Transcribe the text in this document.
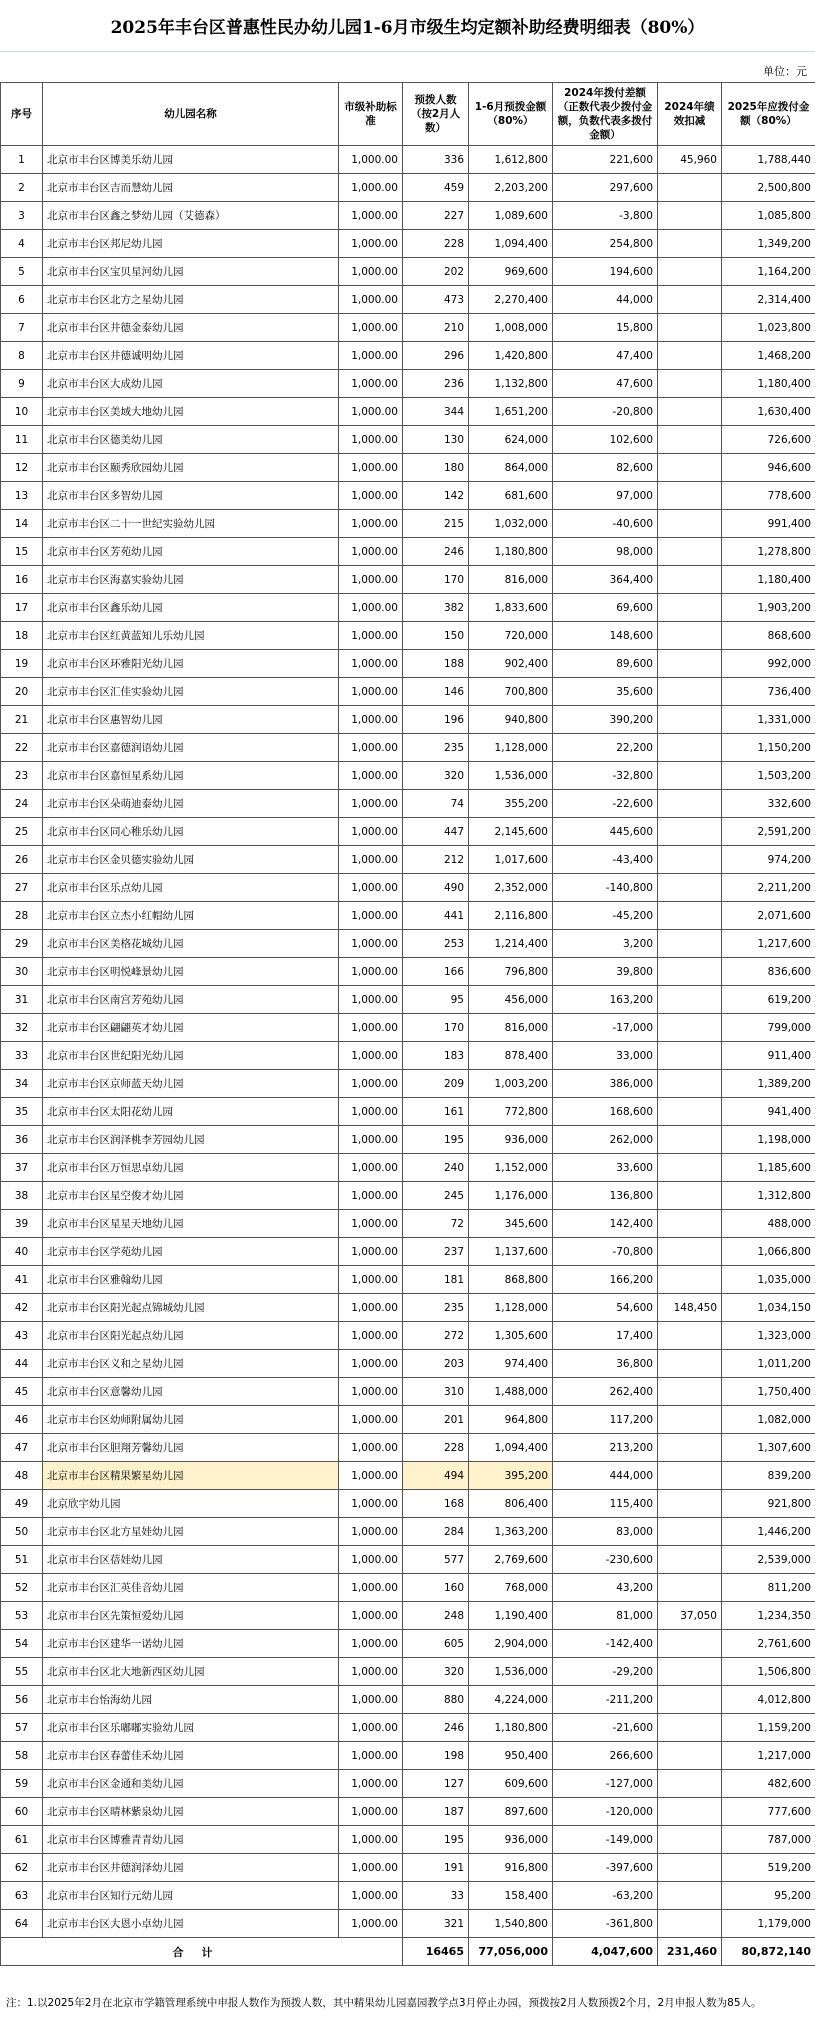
2025年丰台区普惠性民办幼儿园1-6月市级生均定额补助经费明细表（80%）
单位：元
序号	幼儿园名称	市级补助标准	预拨人数（按2月人数）	1-6月预拨金额（80%）	2024年拨付差额（正数代表少拨付金额，负数代表多拨付金额）	2024年绩效扣减	2025年应拨付金额（80%）
1	北京市丰台区博美乐幼儿园	1,000.00	336	1,612,800	221,600	45,960	1,788,440
2	北京市丰台区吉而慧幼儿园	1,000.00	459	2,203,200	297,600		2,500,800
3	北京市丰台区鑫之梦幼儿园（艾德森）	1,000.00	227	1,089,600	-3,800		1,085,800
4	北京市丰台区邦尼幼儿园	1,000.00	228	1,094,400	254,800		1,349,200
5	北京市丰台区宝贝星河幼儿园	1,000.00	202	969,600	194,600		1,164,200
6	北京市丰台区北方之星幼儿园	1,000.00	473	2,270,400	44,000		2,314,400
7	北京市丰台区井德金泰幼儿园	1,000.00	210	1,008,000	15,800		1,023,800
8	北京市丰台区井德诚明幼儿园	1,000.00	296	1,420,800	47,400		1,468,200
9	北京市丰台区大成幼儿园	1,000.00	236	1,132,800	47,600		1,180,400
10	北京市丰台区美域大地幼儿园	1,000.00	344	1,651,200	-20,800		1,630,400
11	北京市丰台区德美幼儿园	1,000.00	130	624,000	102,600		726,600
12	北京市丰台区颐秀欣园幼儿园	1,000.00	180	864,000	82,600		946,600
13	北京市丰台区多智幼儿园	1,000.00	142	681,600	97,000		778,600
14	北京市丰台区二十一世纪实验幼儿园	1,000.00	215	1,032,000	-40,600		991,400
15	北京市丰台区芳苑幼儿园	1,000.00	246	1,180,800	98,000		1,278,800
16	北京市丰台区海嘉实验幼儿园	1,000.00	170	816,000	364,400		1,180,400
17	北京市丰台区鑫乐幼儿园	1,000.00	382	1,833,600	69,600		1,903,200
18	北京市丰台区红黄蓝知儿乐幼儿园	1,000.00	150	720,000	148,600		868,600
19	北京市丰台区环雅阳光幼儿园	1,000.00	188	902,400	89,600		992,000
20	北京市丰台区汇佳实验幼儿园	1,000.00	146	700,800	35,600		736,400
21	北京市丰台区惠智幼儿园	1,000.00	196	940,800	390,200		1,331,000
22	北京市丰台区嘉德润语幼儿园	1,000.00	235	1,128,000	22,200		1,150,200
23	北京市丰台区嘉恒星系幼儿园	1,000.00	320	1,536,000	-32,800		1,503,200
24	北京市丰台区朵萌迪泰幼儿园	1,000.00	74	355,200	-22,600		332,600
25	北京市丰台区同心稚乐幼儿园	1,000.00	447	2,145,600	445,600		2,591,200
26	北京市丰台区金贝德实验幼儿园	1,000.00	212	1,017,600	-43,400		974,200
27	北京市丰台区乐点幼儿园	1,000.00	490	2,352,000	-140,800		2,211,200
28	北京市丰台区立杰小红帽幼儿园	1,000.00	441	2,116,800	-45,200		2,071,600
29	北京市丰台区美格花城幼儿园	1,000.00	253	1,214,400	3,200		1,217,600
30	北京市丰台区明悦峰景幼儿园	1,000.00	166	796,800	39,800		836,600
31	北京市丰台区南宫芳苑幼儿园	1,000.00	95	456,000	163,200		619,200
32	北京市丰台区翩翩英才幼儿园	1,000.00	170	816,000	-17,000		799,000
33	北京市丰台区世纪阳光幼儿园	1,000.00	183	878,400	33,000		911,400
34	北京市丰台区京师蓝天幼儿园	1,000.00	209	1,003,200	386,000		1,389,200
35	北京市丰台区太阳花幼儿园	1,000.00	161	772,800	168,600		941,400
36	北京市丰台区润泽桃李芳园幼儿园	1,000.00	195	936,000	262,000		1,198,000
37	北京市丰台区万恒思卓幼儿园	1,000.00	240	1,152,000	33,600		1,185,600
38	北京市丰台区星空俊才幼儿园	1,000.00	245	1,176,000	136,800		1,312,800
39	北京市丰台区星星天地幼儿园	1,000.00	72	345,600	142,400		488,000
40	北京市丰台区学苑幼儿园	1,000.00	237	1,137,600	-70,800		1,066,800
41	北京市丰台区雅翰幼儿园	1,000.00	181	868,800	166,200		1,035,000
42	北京市丰台区阳光起点锦城幼儿园	1,000.00	235	1,128,000	54,600	148,450	1,034,150
43	北京市丰台区阳光起点幼儿园	1,000.00	272	1,305,600	17,400		1,323,000
44	北京市丰台区义和之星幼儿园	1,000.00	203	974,400	36,800		1,011,200
45	北京市丰台区意馨幼儿园	1,000.00	310	1,488,000	262,400		1,750,400
46	北京市丰台区幼师附属幼儿园	1,000.00	201	964,800	117,200		1,082,000
47	北京市丰台区胆翔芳馨幼儿园	1,000.00	228	1,094,400	213,200		1,307,600
48	北京市丰台区精果繁星幼儿园	1,000.00	494	395,200	444,000		839,200
49	北京欣宇幼儿园	1,000.00	168	806,400	115,400		921,800
50	北京市丰台区北方星娃幼儿园	1,000.00	284	1,363,200	83,000		1,446,200
51	北京市丰台区蓓娃幼儿园	1,000.00	577	2,769,600	-230,600		2,539,000
52	北京市丰台区汇英佳音幼儿园	1,000.00	160	768,000	43,200		811,200
53	北京市丰台区先策恒爱幼儿园	1,000.00	248	1,190,400	81,000	37,050	1,234,350
54	北京市丰台区建华一诺幼儿园	1,000.00	605	2,904,000	-142,400		2,761,600
55	北京市丰台区北大地新西区幼儿园	1,000.00	320	1,536,000	-29,200		1,506,800
56	北京市丰台怡海幼儿园	1,000.00	880	4,224,000	-211,200		4,012,800
57	北京市丰台区乐嘟嘟实验幼儿园	1,000.00	246	1,180,800	-21,600		1,159,200
58	北京市丰台区春蕾佳禾幼儿园	1,000.00	198	950,400	266,600		1,217,000
59	北京市丰台区金通和美幼儿园	1,000.00	127	609,600	-127,000		482,600
60	北京市丰台区晴林紫泉幼儿园	1,000.00	187	897,600	-120,000		777,600
61	北京市丰台区博雅青青幼儿园	1,000.00	195	936,000	-149,000		787,000
62	北京市丰台区井德润泽幼儿园	1,000.00	191	916,800	-397,600		519,200
63	北京市丰台区知行元幼儿园	1,000.00	33	158,400	-63,200		95,200
64	北京市丰台区大恩小卓幼儿园	1,000.00	321	1,540,800	-361,800		1,179,000
合计			16465	77,056,000	4,047,600	231,460	80,872,140
注：1.以2025年2月在北京市学籍管理系统中申报人数作为预拨人数，其中精果幼儿园嘉园教学点3月停止办园，预拨按2月人数预拨2个月，2月申报人数为85人。
